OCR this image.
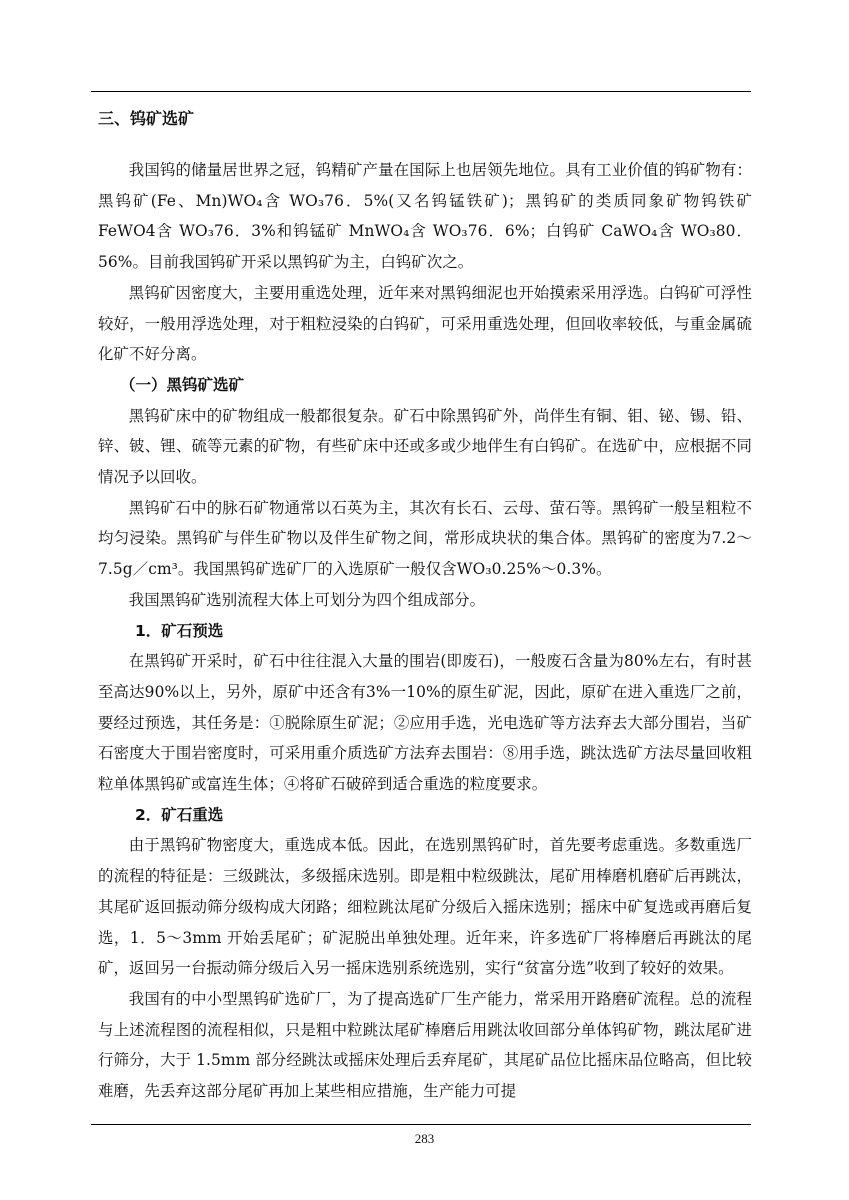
三、钨矿选矿

我国钨的储量居世界之冠，钨精矿产量在国际上也居领先地位。具有工业价值的钨矿物有：黑钨矿(Fe、Mn)WO₄含 WO₃76．5%(又名钨锰铁矿)；黑钨矿的类质同象矿物钨铁矿 FeWO4含 WO₃76．3%和钨锰矿 MnWO₄含 WO₃76．6%；白钨矿 CaWO₄含 WO₃80．56%。目前我国钨矿开采以黑钨矿为主，白钨矿次之。

黑钨矿因密度大，主要用重选处理，近年来对黑钨细泥也开始摸索采用浮选。白钨矿可浮性较好，一般用浮选处理，对于粗粒浸染的白钨矿，可采用重选处理，但回收率较低，与重金属硫化矿不好分离。

（一）黑钨矿选矿

黑钨矿床中的矿物组成一般都很复杂。矿石中除黑钨矿外，尚伴生有铜、钼、铋、锡、铅、锌、铍、锂、硫等元素的矿物，有些矿床中还或多或少地伴生有白钨矿。在选矿中，应根据不同情况予以回收。

黑钨矿石中的脉石矿物通常以石英为主，其次有长石、云母、萤石等。黑钨矿一般呈粗粒不均匀浸染。黑钨矿与伴生矿物以及伴生矿物之间，常形成块状的集合体。黑钨矿的密度为7.2～7.5g／cm³。我国黑钨矿选矿厂的入选原矿一般仅含WO₃0.25%～0.3%。

我国黑钨矿选别流程大体上可划分为四个组成部分。

1．矿石预选

在黑钨矿开采时，矿石中往往混入大量的围岩(即废石)，一般废石含量为80%左右，有时甚至高达90%以上，另外，原矿中还含有3%一10%的原生矿泥，因此，原矿在进入重选厂之前，要经过预选，其任务是：①脱除原生矿泥；②应用手选，光电选矿等方法弃去大部分围岩，当矿石密度大于围岩密度时，可采用重介质选矿方法弃去围岩：⑧用手选，跳汰选矿方法尽量回收粗粒单体黑钨矿或富连生体；④将矿石破碎到适合重选的粒度要求。

2．矿石重选

由于黑钨矿物密度大，重选成本低。因此，在选别黑钨矿时，首先要考虑重选。多数重选厂的流程的特征是：三级跳汰，多级摇床选别。即是粗中粒级跳汰，尾矿用棒磨机磨矿后再跳汰，其尾矿返回振动筛分级构成大闭路；细粒跳汰尾矿分级后入摇床选别；摇床中矿复选或再磨后复选，1．5～3mm 开始丢尾矿；矿泥脱出单独处理。近年来，许多选矿厂将棒磨后再跳汰的尾矿，返回另一台振动筛分级后入另一摇床选别系统选别，实行“贫富分选”收到了较好的效果。

我国有的中小型黑钨矿选矿厂，为了提高选矿厂生产能力，常采用开路磨矿流程。总的流程与上述流程图的流程相似，只是粗中粒跳汰尾矿棒磨后用跳汰收回部分单体钨矿物，跳汰尾矿进行筛分，大于 1.5mm 部分经跳汰或摇床处理后丢弃尾矿，其尾矿品位比摇床品位略高，但比较难磨，先丢弃这部分尾矿再加上某些相应措施，生产能力可提

283
